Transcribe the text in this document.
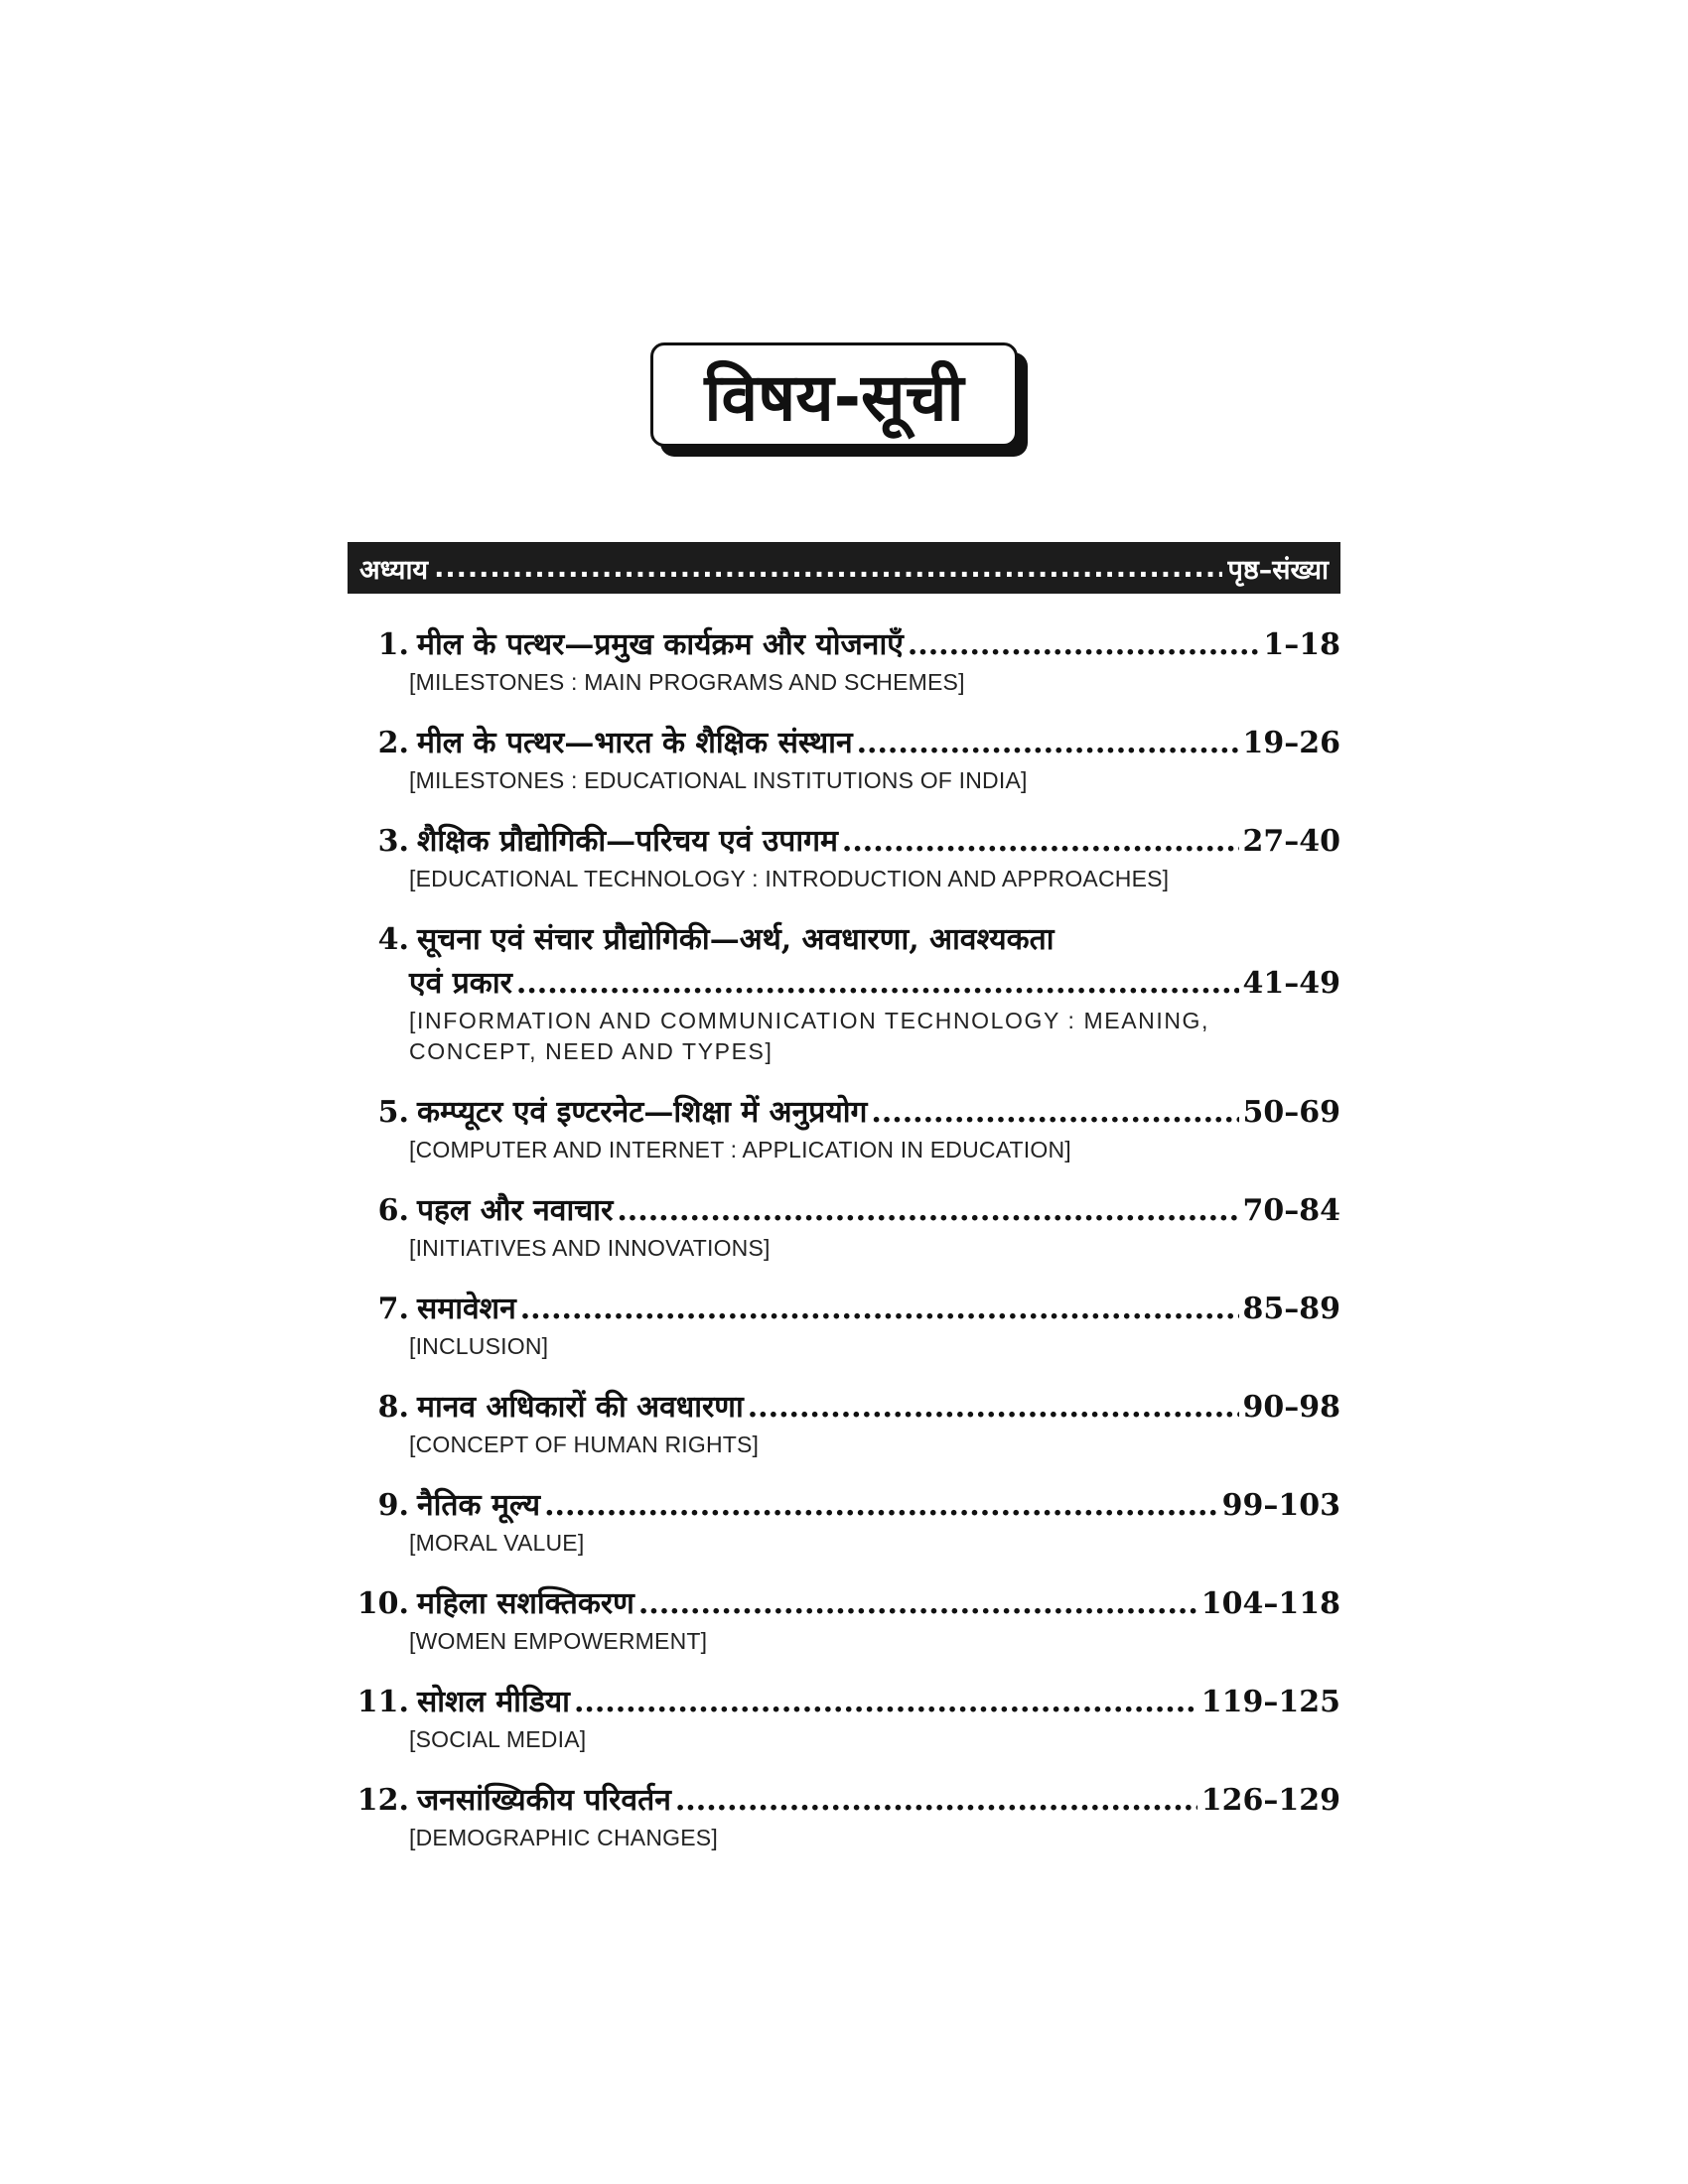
विषय-सूची
अध्याय .....	पृष्ठ–संख्या
1. मील के पत्थर—प्रमुख कार्यक्रम और योजनाएँ .....	1–18
[MILESTONES : MAIN PROGRAMS AND SCHEMES]
2. मील के पत्थर—भारत के शैक्षिक संस्थान .....	19–26
[MILESTONES : EDUCATIONAL INSTITUTIONS OF INDIA]
3. शैक्षिक प्रौद्योगिकी—परिचय एवं उपागम .....	27–40
[EDUCATIONAL TECHNOLOGY : INTRODUCTION AND APPROACHES]
4. सूचना एवं संचार प्रौद्योगिकी—अर्थ, अवधारणा, आवश्यकता
एवं प्रकार .....	41–49
[INFORMATION AND COMMUNICATION TECHNOLOGY : MEANING, CONCEPT, NEED AND TYPES]
5. कम्प्यूटर एवं इण्टरनेट—शिक्षा में अनुप्रयोग .....	50–69
[COMPUTER AND INTERNET : APPLICATION IN EDUCATION]
6. पहल और नवाचार .....	70–84
[INITIATIVES AND INNOVATIONS]
7. समावेशन .....	85–89
[INCLUSION]
8. मानव अधिकारों की अवधारणा .....	90–98
[CONCEPT OF HUMAN RIGHTS]
9. नैतिक मूल्य .....	99–103
[MORAL VALUE]
10. महिला सशक्तिकरण .....	104–118
[WOMEN EMPOWERMENT]
11. सोशल मीडिया .....	119–125
[SOCIAL MEDIA]
12. जनसांख्यिकीय परिवर्तन .....	126–129
[DEMOGRAPHIC CHANGES]
